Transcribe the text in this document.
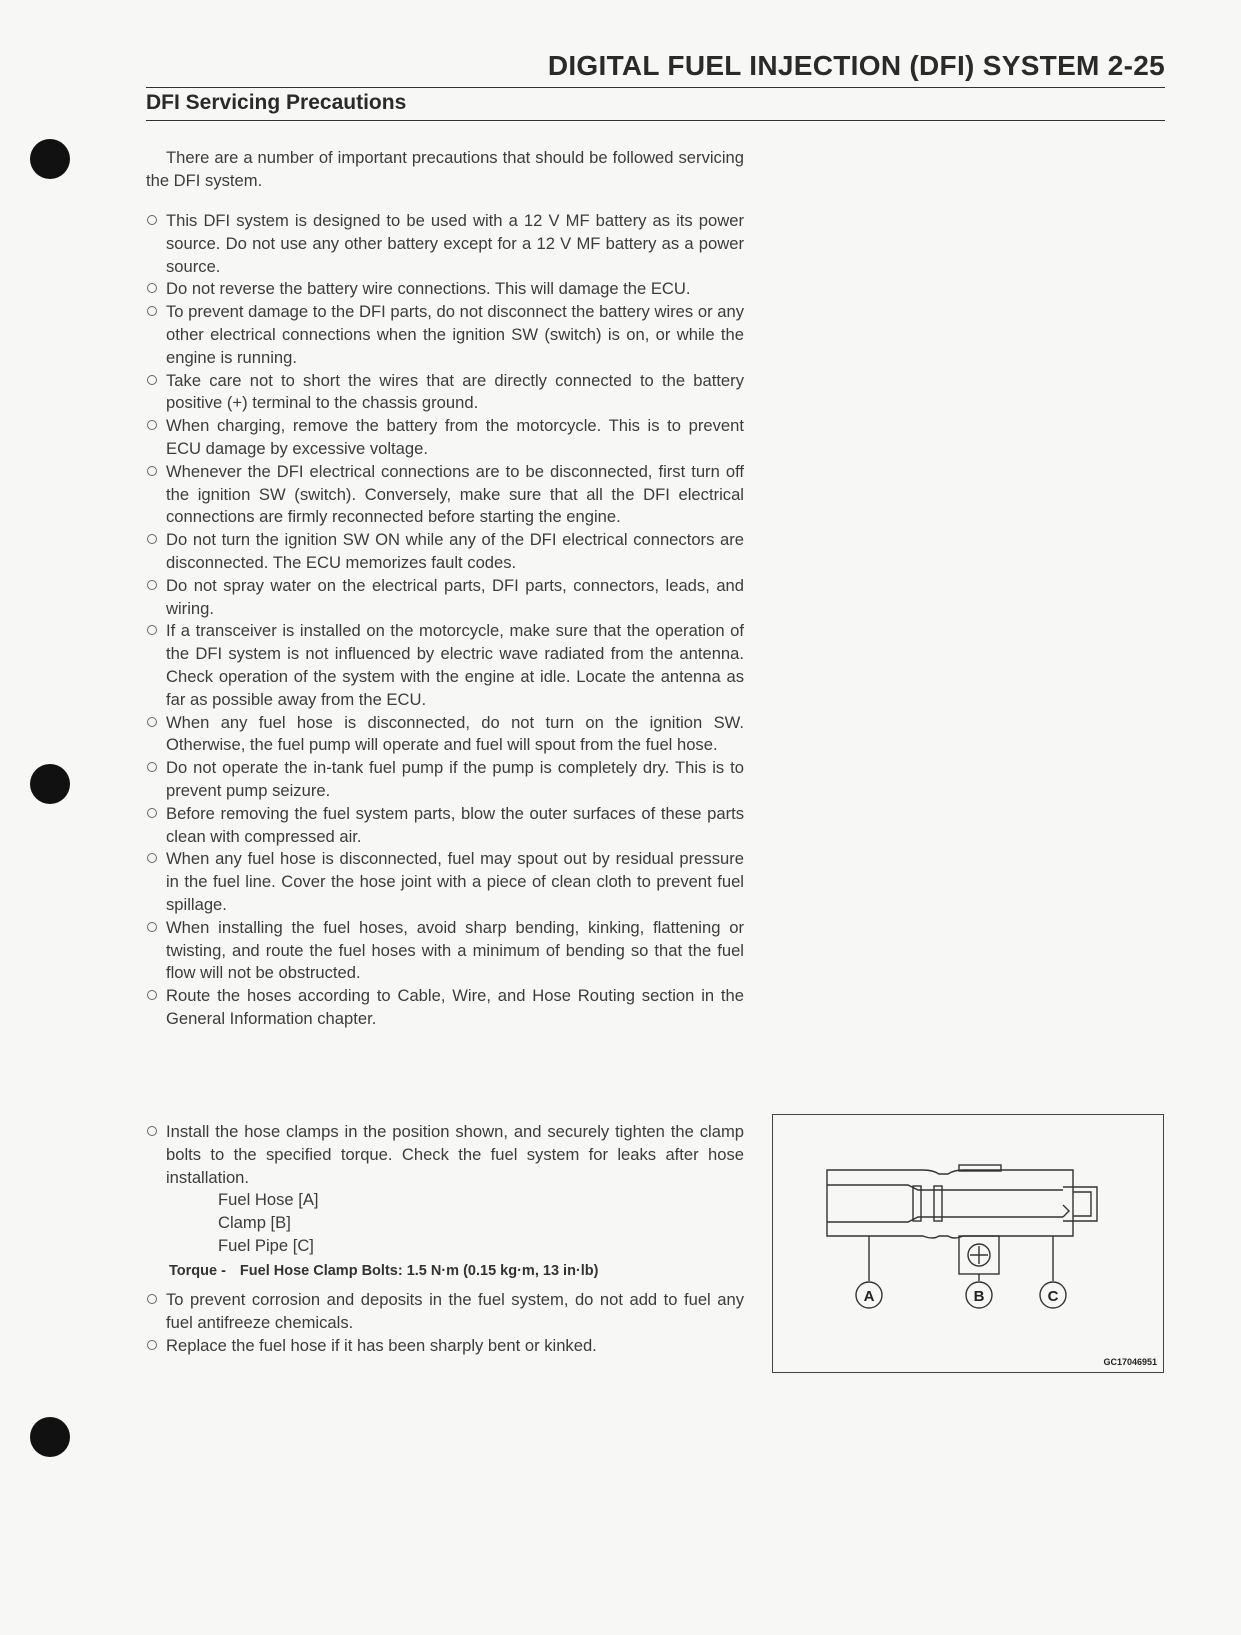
DIGITAL FUEL INJECTION (DFI) SYSTEM 2-25
DFI Servicing Precautions
There are a number of important precautions that should be followed servicing the DFI system.
This DFI system is designed to be used with a 12 V MF battery as its power source. Do not use any other battery except for a 12 V MF battery as a power source.
Do not reverse the battery wire connections. This will damage the ECU.
To prevent damage to the DFI parts, do not disconnect the battery wires or any other electrical connections when the ignition SW (switch) is on, or while the engine is running.
Take care not to short the wires that are directly connected to the battery positive (+) terminal to the chassis ground.
When charging, remove the battery from the motorcycle. This is to prevent ECU damage by excessive voltage.
Whenever the DFI electrical connections are to be disconnected, first turn off the ignition SW (switch). Conversely, make sure that all the DFI electrical connections are firmly reconnected before starting the engine.
Do not turn the ignition SW ON while any of the DFI electrical connectors are disconnected. The ECU memorizes fault codes.
Do not spray water on the electrical parts, DFI parts, connectors, leads, and wiring.
If a transceiver is installed on the motorcycle, make sure that the operation of the DFI system is not influenced by electric wave radiated from the antenna. Check operation of the system with the engine at idle. Locate the antenna as far as possible away from the ECU.
When any fuel hose is disconnected, do not turn on the ignition SW. Otherwise, the fuel pump will operate and fuel will spout from the fuel hose.
Do not operate the in-tank fuel pump if the pump is completely dry. This is to prevent pump seizure.
Before removing the fuel system parts, blow the outer surfaces of these parts clean with compressed air.
When any fuel hose is disconnected, fuel may spout out by residual pressure in the fuel line. Cover the hose joint with a piece of clean cloth to prevent fuel spillage.
When installing the fuel hoses, avoid sharp bending, kinking, flattening or twisting, and route the fuel hoses with a minimum of bending so that the fuel flow will not be obstructed.
Route the hoses according to Cable, Wire, and Hose Routing section in the General Information chapter.
Install the hose clamps in the position shown, and securely tighten the clamp bolts to the specified torque. Check the fuel system for leaks after hose installation.
Fuel Hose [A]
Clamp [B]
Fuel Pipe [C]
Torque - Fuel Hose Clamp Bolts: 1.5 N·m (0.15 kg·m, 13 in·lb)
To prevent corrosion and deposits in the fuel system, do not add to fuel any fuel antifreeze chemicals.
Replace the fuel hose if it has been sharply bent or kinked.
A	B	C
GC17046951
